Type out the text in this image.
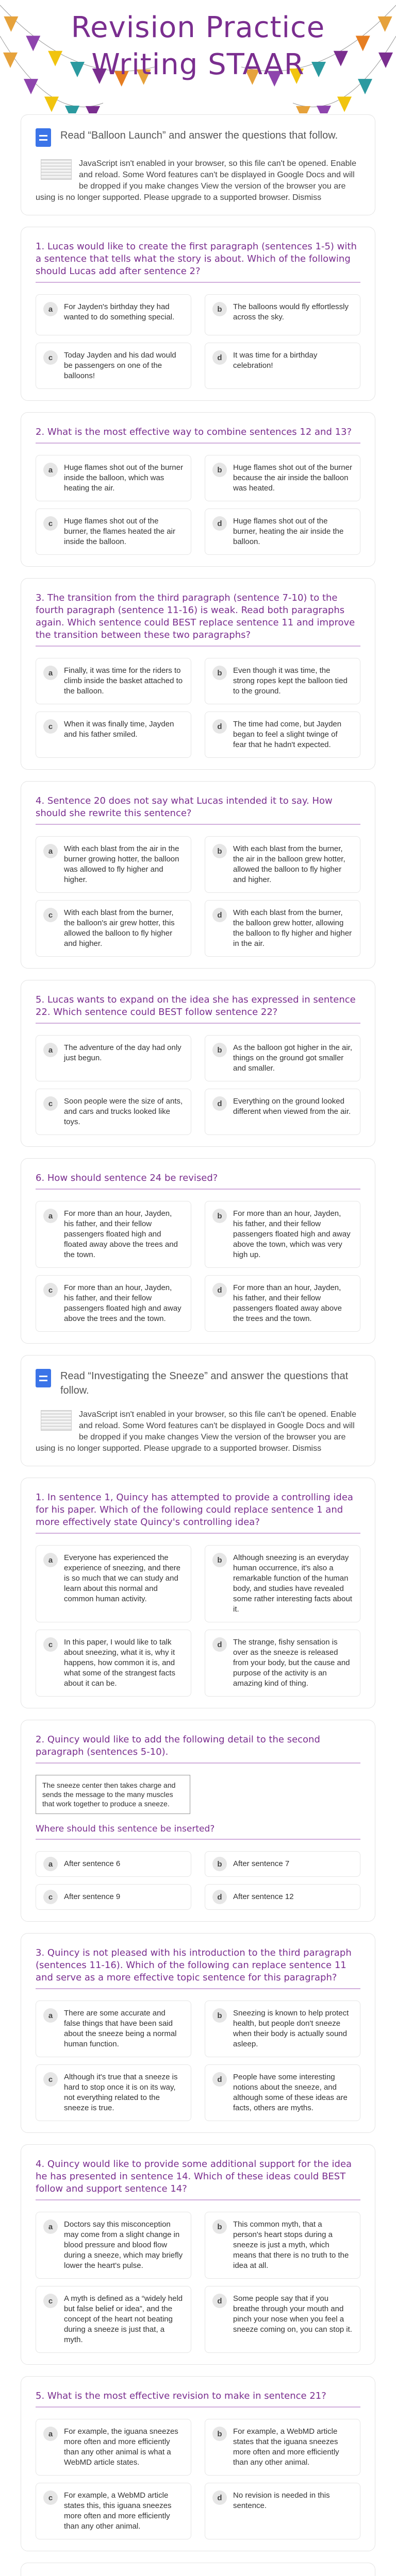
Revision Practice
Writing STAAR
Read “Balloon Launch” and answer the questions that follow.

JavaScript isn't enabled in your browser, so this file can't be opened. Enable and reload. Some Word features can't be displayed in Google Docs and will be dropped if you make changes View the version of the browser you are using is no longer supported. Please upgrade to a supported browser. Dismiss

1. Lucas would like to create the first paragraph (sentences 1-5) with a sentence that tells what the story is about. Which of the following should Lucas add after sentence 2?
a	For Jayden's birthday they had wanted to do something special.
b	The balloons would fly effortlessly across the sky.
c	Today Jayden and his dad would be passengers on one of the balloons!
d	It was time for a birthday celebration!
2. What is the most effective way to combine sentences 12 and 13?
a	Huge flames shot out of the burner inside the balloon, which was heating the air.
b	Huge flames shot out of the burner because the air inside the balloon was heated.
c	Huge flames shot out of the burner, the flames heated the air inside the balloon.
d	Huge flames shot out of the burner, heating the air inside the balloon.
3. The transition from the third paragraph (sentence 7-10) to the fourth paragraph (sentence 11-16) is weak. Read both paragraphs again. Which sentence could BEST replace sentence 11 and improve the transition between these two paragraphs?
a	Finally, it was time for the riders to climb inside the basket attached to the balloon.
b	Even though it was time, the strong ropes kept the balloon tied to the ground.
c	When it was finally time, Jayden and his father smiled.
d	The time had come, but Jayden began to feel a slight twinge of fear that he hadn't expected.
4. Sentence 20 does not say what Lucas intended it to say. How should she rewrite this sentence?
a	With each blast from the air in the burner growing hotter, the balloon was allowed to fly higher and higher.
b	With each blast from the burner, the air in the balloon grew hotter, allowed the balloon to fly higher and higher.
c	With each blast from the burner, the balloon's air grew hotter, this allowed the balloon to fly higher and higher.
d	With each blast from the burner, the balloon grew hotter, allowing the balloon to fly higher and higher in the air.
5. Lucas wants to expand on the idea she has expressed in sentence 22. Which sentence could BEST follow sentence 22?
a	The adventure of the day had only just begun.
b	As the balloon got higher in the air, things on the ground got smaller and smaller.
c	Soon people were the size of ants, and cars and trucks looked like toys.
d	Everything on the ground looked different when viewed from the air.
6. How should sentence 24 be revised?
a	For more than an hour, Jayden, his father, and their fellow passengers floated high and floated away above the trees and the town.
b	For more than an hour, Jayden, his father, and their fellow passengers floated high and away above the town, which was very high up.
c	For more than an hour, Jayden, his father, and their fellow passengers floated high and away above the trees and the town.
d	For more than an hour, Jayden, his father, and their fellow passengers floated away above the trees and the town.
Read “Investigating the Sneeze” and answer the questions that follow.

JavaScript isn't enabled in your browser, so this file can't be opened. Enable and reload. Some Word features can't be displayed in Google Docs and will be dropped if you make changes View the version of the browser you are using is no longer supported. Please upgrade to a supported browser. Dismiss

1. In sentence 1, Quincy has attempted to provide a controlling idea for his paper. Which of the following could replace sentence 1 and more effectively state Quincy's controlling idea?
a	Everyone has experienced the experience of sneezing, and there is so much that we can study and learn about this normal and common human activity.
b	Although sneezing is an everyday human occurrence, it's also a remarkable function of the human body, and studies have revealed some rather interesting facts about it.
c	In this paper, I would like to talk about sneezing, what it is, why it happens, how common it is, and what some of the strangest facts about it can be.
d	The strange, fishy sensation is over as the sneeze is released from your body, but the cause and purpose of the activity is an amazing kind of thing.
2. Quincy would like to add the following detail to the second paragraph (sentences 5-10).
The sneeze center then takes charge and sends the message to the many muscles that work together to produce a sneeze.
Where should this sentence be inserted?
a	After sentence 6	b	After sentence 7
c	After sentence 9	d	After sentence 12
3. Quincy is not pleased with his introduction to the third paragraph (sentences 11-16). Which of the following can replace sentence 11 and serve as a more effective topic sentence for this paragraph?
a	There are some accurate and false things that have been said about the sneeze being a normal human function.
b	Sneezing is known to help protect health, but people don't sneeze when their body is actually sound asleep.
c	Although it's true that a sneeze is hard to stop once it is on its way, not everything related to the sneeze is true.
d	People have some interesting notions about the sneeze, and although some of these ideas are facts, others are myths.
4. Quincy would like to provide some additional support for the idea he has presented in sentence 14. Which of these ideas could BEST follow and support sentence 14?
a	Doctors say this misconception may come from a slight change in blood pressure and blood flow during a sneeze, which may briefly lower the heart's pulse.
b	This common myth, that a person's heart stops during a sneeze is just a myth, which means that there is no truth to the idea at all.
c	A myth is defined as a “widely held but false belief or idea”, and the concept of the heart not beating during a sneeze is just that, a myth.
d	Some people say that if you breathe through your mouth and pinch your nose when you feel a sneeze coming on, you can stop it.
5. What is the most effective revision to make in sentence 21?
a	For example, the iguana sneezes more often and more efficiently than any other animal is what a WebMD article states.
b	For example, a WebMD article states that the iguana sneezes more often and more efficiently than any other animal.
c	For example, a WebMD article states this, this iguana sneezes more often and more efficiently than any other animal.
d	No revision is needed in this sentence.
